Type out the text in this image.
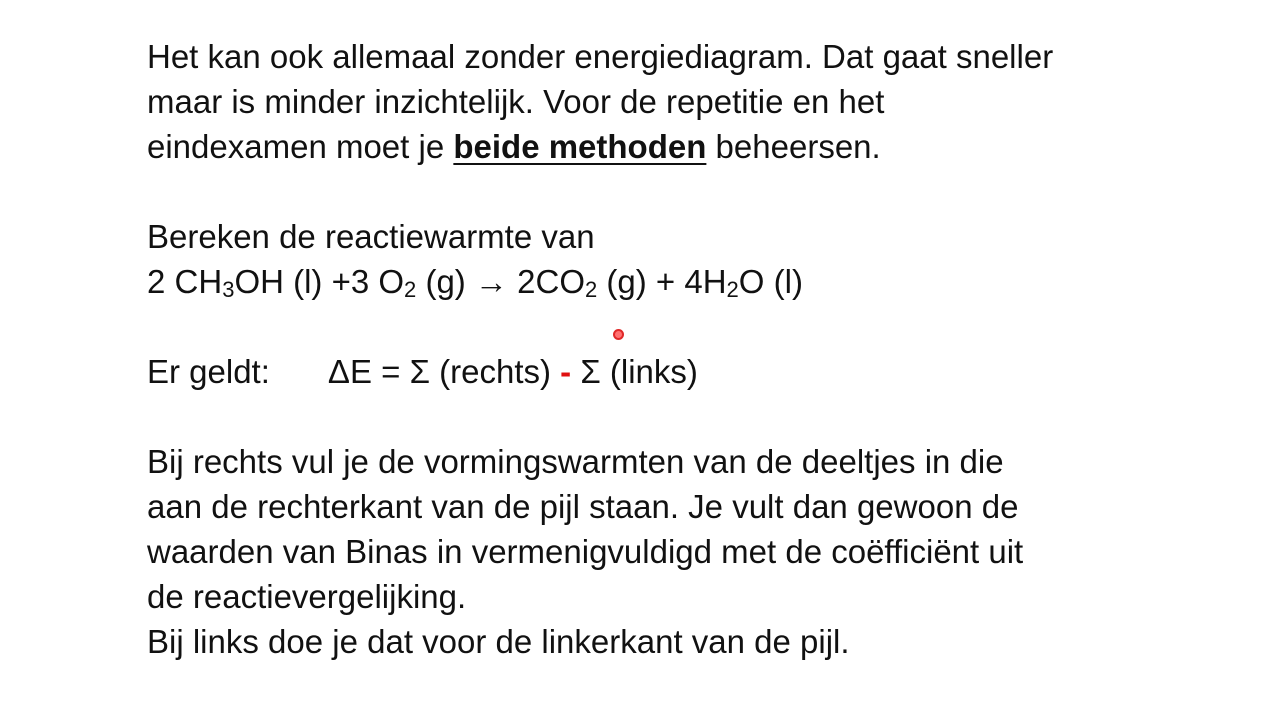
Het kan ook allemaal zonder energiediagram. Dat gaat sneller
maar is minder inzichtelijk. Voor de repetitie en het
eindexamen moet je beide methoden beheersen.
Bereken de reactiewarmte van
2 $CH_3OH$ (l) +3 $O_2$ $(g) \to 2CO_2$ $(g) + 4H_2O$ (l)
Er geldt: ΔE = Σ (rechts) - Σ (links)
Bij rechts vul je de vormingswarmten van de deeltjes in die
aan de rechterkant van de pijl staan. Je vult dan gewoon de
waarden van Binas in vermenigvuldigd met de coëfficiënt uit
de reactievergelijking.
Bij links doe je dat voor de linkerkant van de pijl.
